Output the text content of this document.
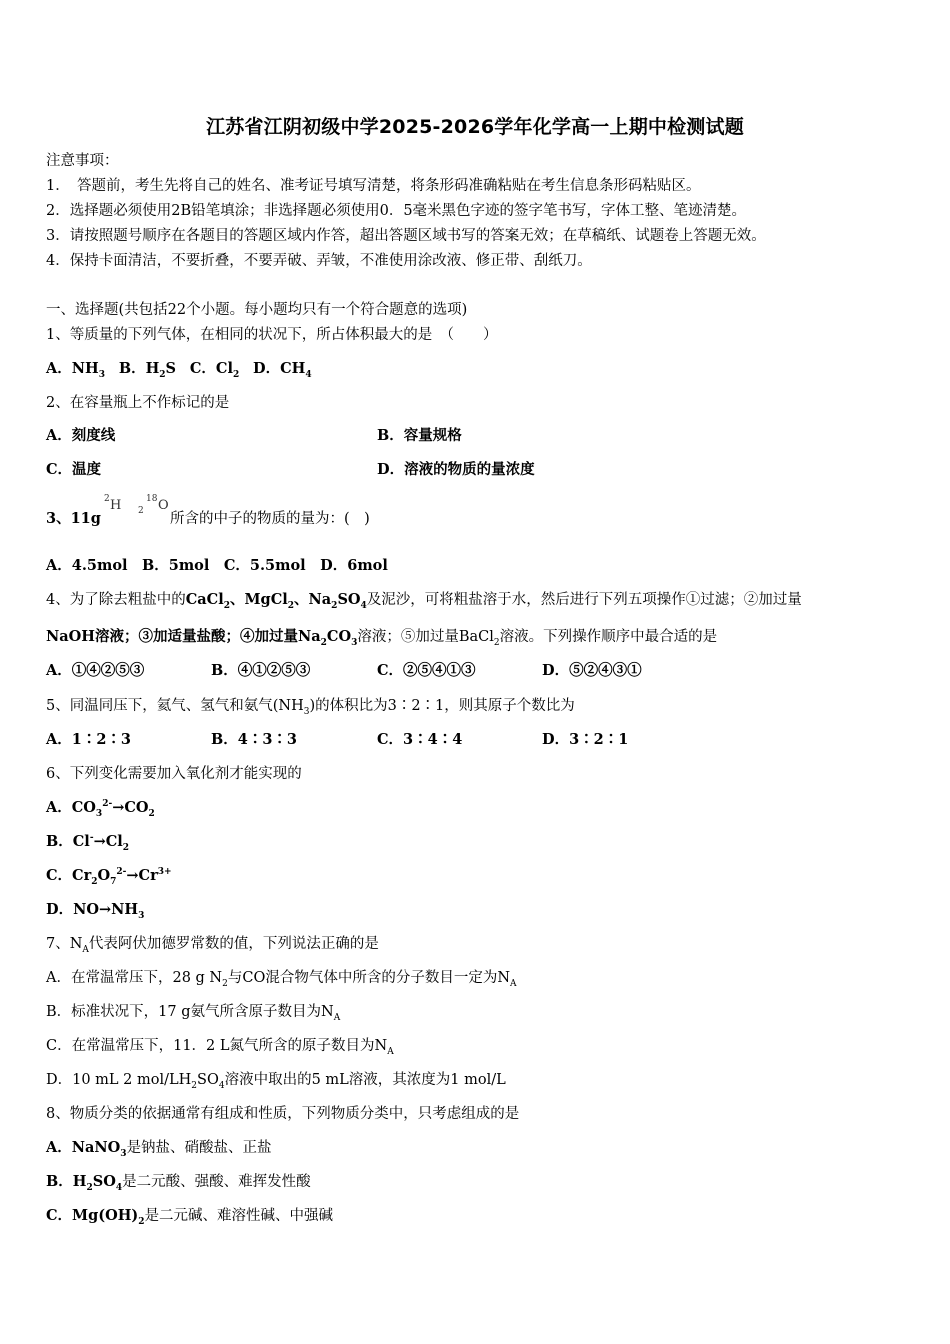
江苏省江阴初级中学2025-2026学年化学高一上期中检测试题
注意事项：
1．　答题前，考生先将自己的姓名、准考证号填写清楚，将条形码准确粘贴在考生信息条形码粘贴区。
2．选择题必须使用2B铅笔填涂；非选择题必须使用0．5毫米黑色字迹的签字笔书写，字体工整、笔迹清楚。
3．请按照题号顺序在各题目的答题区域内作答，超出答题区域书写的答案无效；在草稿纸、试题卷上答题无效。
4．保持卡面清洁，不要折叠，不要弄破、弄皱，不准使用涂改液、修正带、刮纸刀。
一、选择题(共包括22个小题。每小题均只有一个符合题意的选项)
1、等质量的下列气体，在相同的状况下，所占体积最大的是　（　　）
A．$NH_3$ B．$H_2S$ C．$Cl_2$ D．$CH_4$
2、在容量瓶上不作标记的是
A．刻度线	B．容量规格
C．温度	D．溶液的物质的量浓度
3、11g
2 H 2
18 O
所含的中子的物质的量为：(　)
A．4.5mol　B．5mol　C．5.5mol　D．6mol
4、为了除去粗盐中的CaCl$_2$、MgCl$_2$、$Na_2SO_4$及泥沙，可将粗盐溶于水，然后进行下列五项操作①过滤；②加过量
NaOH溶液；③加适量盐酸；④加过量$Na_2CO_3$溶液；⑤加过量BaCl$_2$溶液。下列操作顺序中最合适的是
A．①④②⑤③	B．④①②⑤③	C．②⑤④①③	D．⑤②④③①
5、同温同压下，氦气、氢气和氨气$(NH_3)$的体积比为3∶2∶1，则其原子个数比为
A．1∶2∶3	B．4∶3∶3	C．3∶4∶4	D．3∶2∶1
6、下列变化需要加入氧化剂才能实现的
A．$CO_3^{2-}\to CO_2$
B．$Cl^-\to Cl_2$
C．$Cr_2O_7^{2-}\to Cr^{3+}$
D．$NO\to NH_3$
7、$N_A$代表阿伏加德罗常数的值，下列说法正确的是
A．在常温常压下，28 g $N_2$与CO混合物气体中所含的分子数目一定为$N_A$
B．标准状况下，17 g氨气所含原子数目为$N_A$
C．在常温常压下，11．2 L氮气所含的原子数目为$N_A$
D．10 mL 2 mol/$LH_2SO_4$溶液中取出的5 mL溶液，其浓度为1 mol/L
8、物质分类的依据通常有组成和性质，下列物质分类中，只考虑组成的是
A．NaNO$_3$是钠盐、硝酸盐、正盐
B．$H_2SO_4$是二元酸、强酸、难挥发性酸
C．$Mg(OH)_2$是二元碱、难溶性碱、中强碱
